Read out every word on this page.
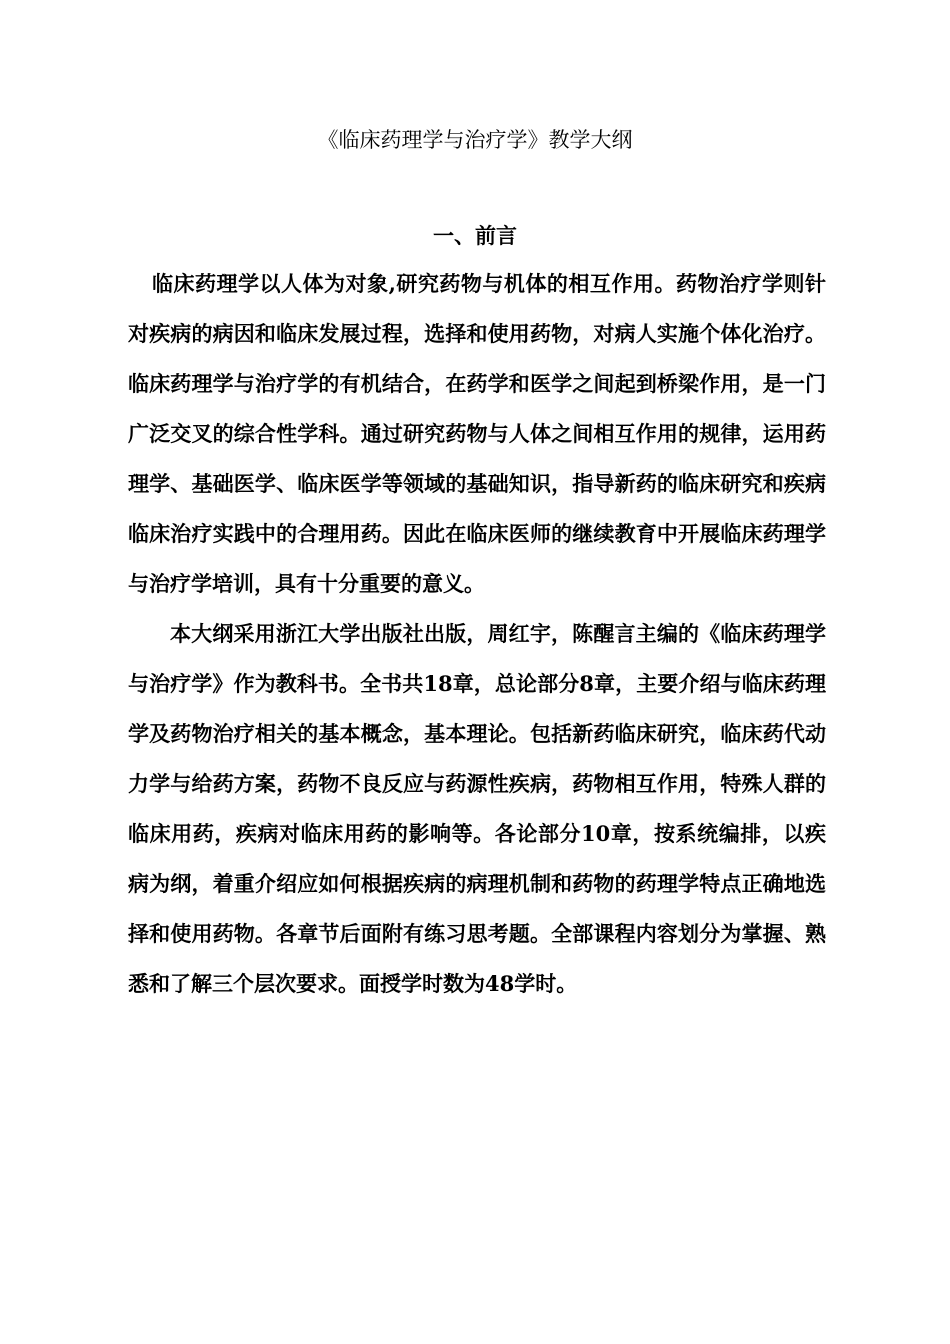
《临床药理学与治疗学》教学大纲
一、前言

临床药理学以人体为对象,研究药物与机体的相互作用。药物治疗学则针对疾病的病因和临床发展过程，选择和使用药物，对病人实施个体化治疗。临床药理学与治疗学的有机结合，在药学和医学之间起到桥梁作用，是一门广泛交叉的综合性学科。通过研究药物与人体之间相互作用的规律，运用药理学、基础医学、临床医学等领域的基础知识，指导新药的临床研究和疾病临床治疗实践中的合理用药。因此在临床医师的继续教育中开展临床药理学与治疗学培训，具有十分重要的意义。

本大纲采用浙江大学出版社出版，周红宇，陈醒言主编的《临床药理学与治疗学》作为教科书。全书共18章，总论部分8章，主要介绍与临床药理学及药物治疗相关的基本概念，基本理论。包括新药临床研究，临床药代动力学与给药方案，药物不良反应与药源性疾病，药物相互作用，特殊人群的临床用药，疾病对临床用药的影响等。各论部分10章，按系统编排，以疾病为纲，着重介绍应如何根据疾病的病理机制和药物的药理学特点正确地选择和使用药物。各章节后面附有练习思考题。全部课程内容划分为掌握、熟悉和了解三个层次要求。面授学时数为48学时。
